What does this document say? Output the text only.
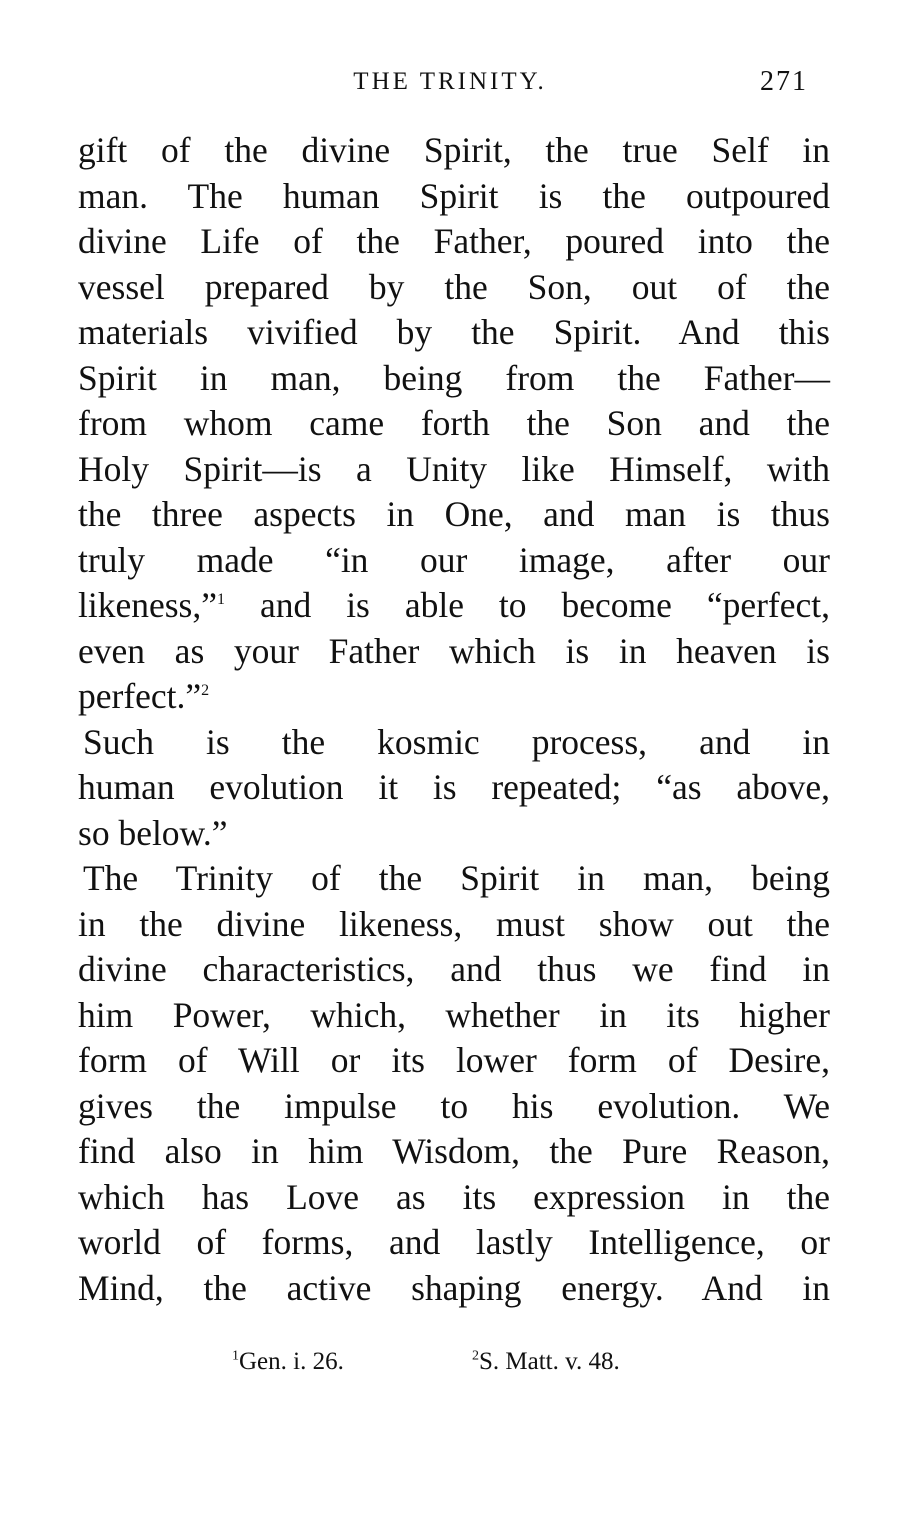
THE TRINITY.	271
gift of the divine Spirit, the true Self in
man. The human Spirit is the outpoured
divine Life of the Father, poured into the
vessel prepared by the Son, out of the
materials vivified by the Spirit. And this
Spirit in man, being from the Father—
from whom came forth the Son and the
Holy Spirit—is a Unity like Himself, with
the three aspects in One, and man is thus
truly made “in our image, after our
likeness,”$^1$ and is able to become “perfect,
even as your Father which is in heaven is
perfect.”$^2$
Such is the kosmic process, and in
human evolution it is repeated; “as above,
so below.”
The Trinity of the Spirit in man, being
in the divine likeness, must show out the
divine characteristics, and thus we find in
him Power, which, whether in its higher
form of Will or its lower form of Desire,
gives the impulse to his evolution. We
find also in him Wisdom, the Pure Reason,
which has Love as its expression in the
world of forms, and lastly Intelligence, or
Mind, the active shaping energy. And in
$^1$Gen. i. 26.	$^2$S. Matt. v. 48.
